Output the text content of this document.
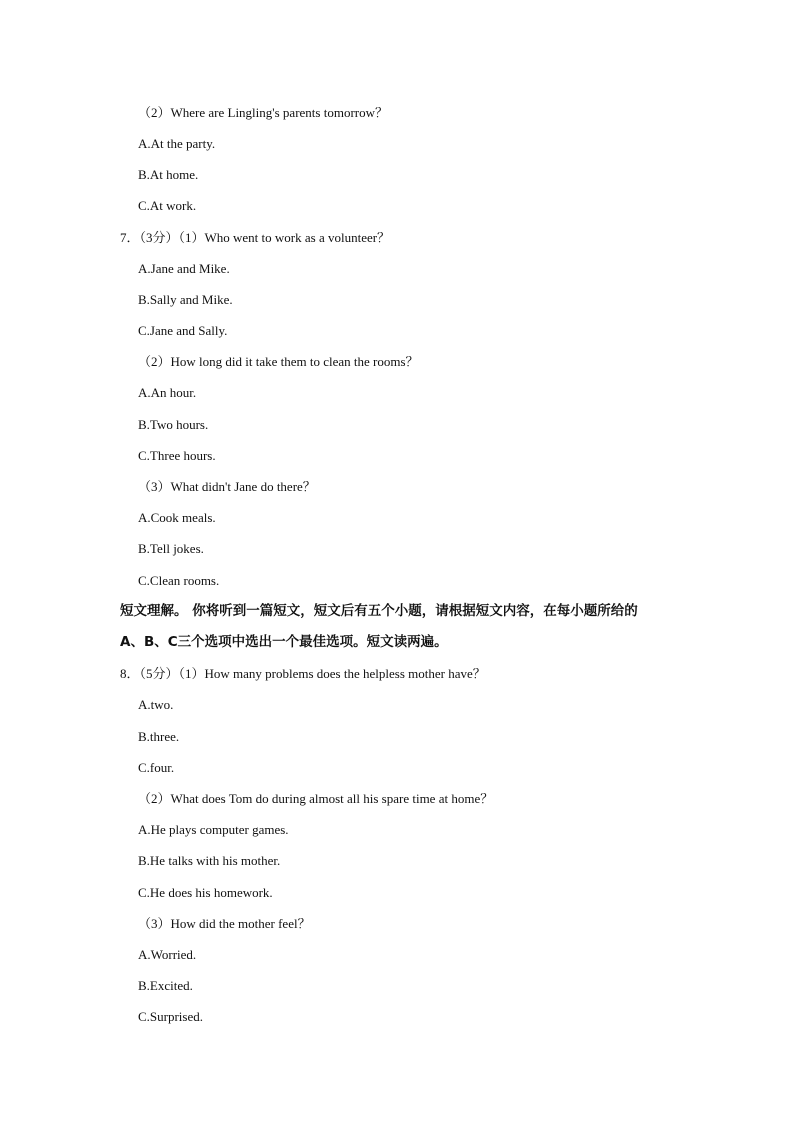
（2）Where are Lingling's parents tomorrow？
A.At the party.
B.At home.
C.At work.
7．（3分）（1）Who went to work as a volunteer？
A.Jane and Mike.
B.Sally and Mike.
C.Jane and Sally.
（2）How long did it take them to clean the rooms？
A.An hour.
B.Two hours.
C.Three hours.
（3）What didn't Jane do there？
A.Cook meals.
B.Tell jokes.
C.Clean rooms.
短文理解。 你将听到一篇短文，短文后有五个小题，请根据短文内容，在每小题所给的
A、B、C三个选项中选出一个最佳选项。短文读两遍。
8．（5分）（1）How many problems does the helpless mother have？
A.two.
B.three.
C.four.
（2）What does Tom do during almost all his spare time at home？
A.He plays computer games.
B.He talks with his mother.
C.He does his homework.
（3）How did the mother feel？
A.Worried.
B.Excited.
C.Surprised.
